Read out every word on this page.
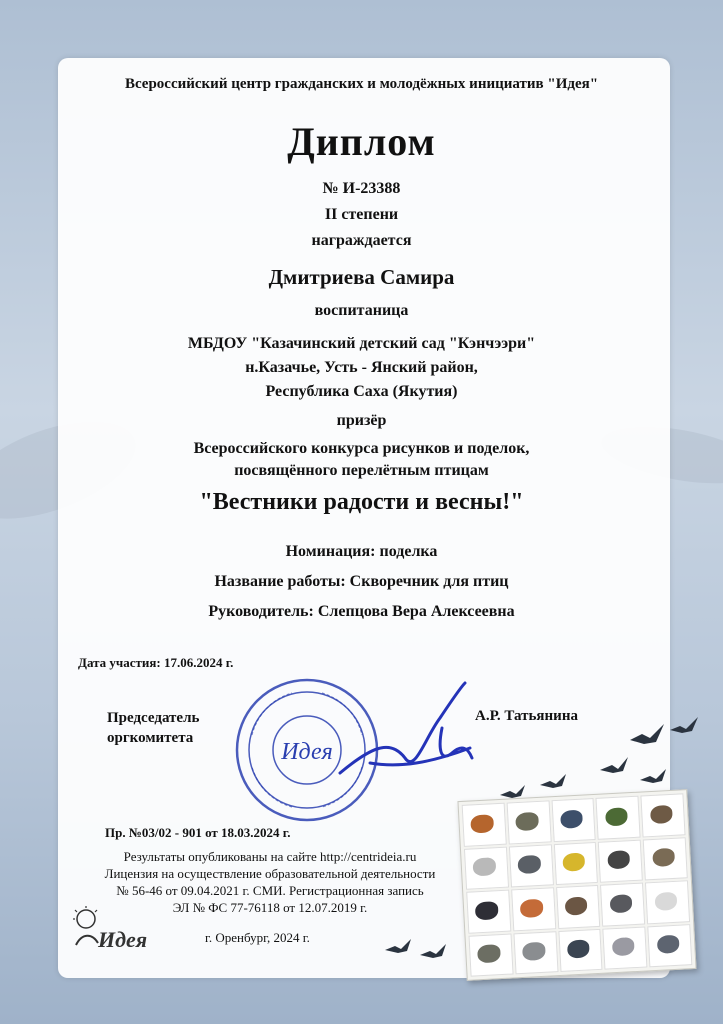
Всероссийский центр гражданских и молодёжных инициатив "Идея"
Диплом
№ И-23388
II степени
награждается
Дмитриева Самира
воспитаница
МБДОУ "Казачинский детский сад "Кэнчээри"
н.Казачье, Усть - Янский район,
Республика Саха (Якутия)
призёр
Всероссийского конкурса рисунков и поделок,
посвящённого перелётным птицам
"Вестники радости и весны!"
Номинация: поделка
Название работы: Скворечник для птиц
Руководитель: Слепцова Вера Алексеевна
Дата участия: 17.06.2024 г.
Председатель
оргкомитета
А.Р. Татьянина
Идея
Пр. №03/02 - 901 от 18.03.2024 г.
Результаты опубликованы на сайте http://centrideia.ru
Лицензия на осуществление образовательной деятельности
№ 56-46 от 09.04.2021 г. СМИ. Регистрационная запись
ЭЛ № ФС 77-76118 от 12.07.2019 г.
г. Оренбург, 2024 г.
Идея
